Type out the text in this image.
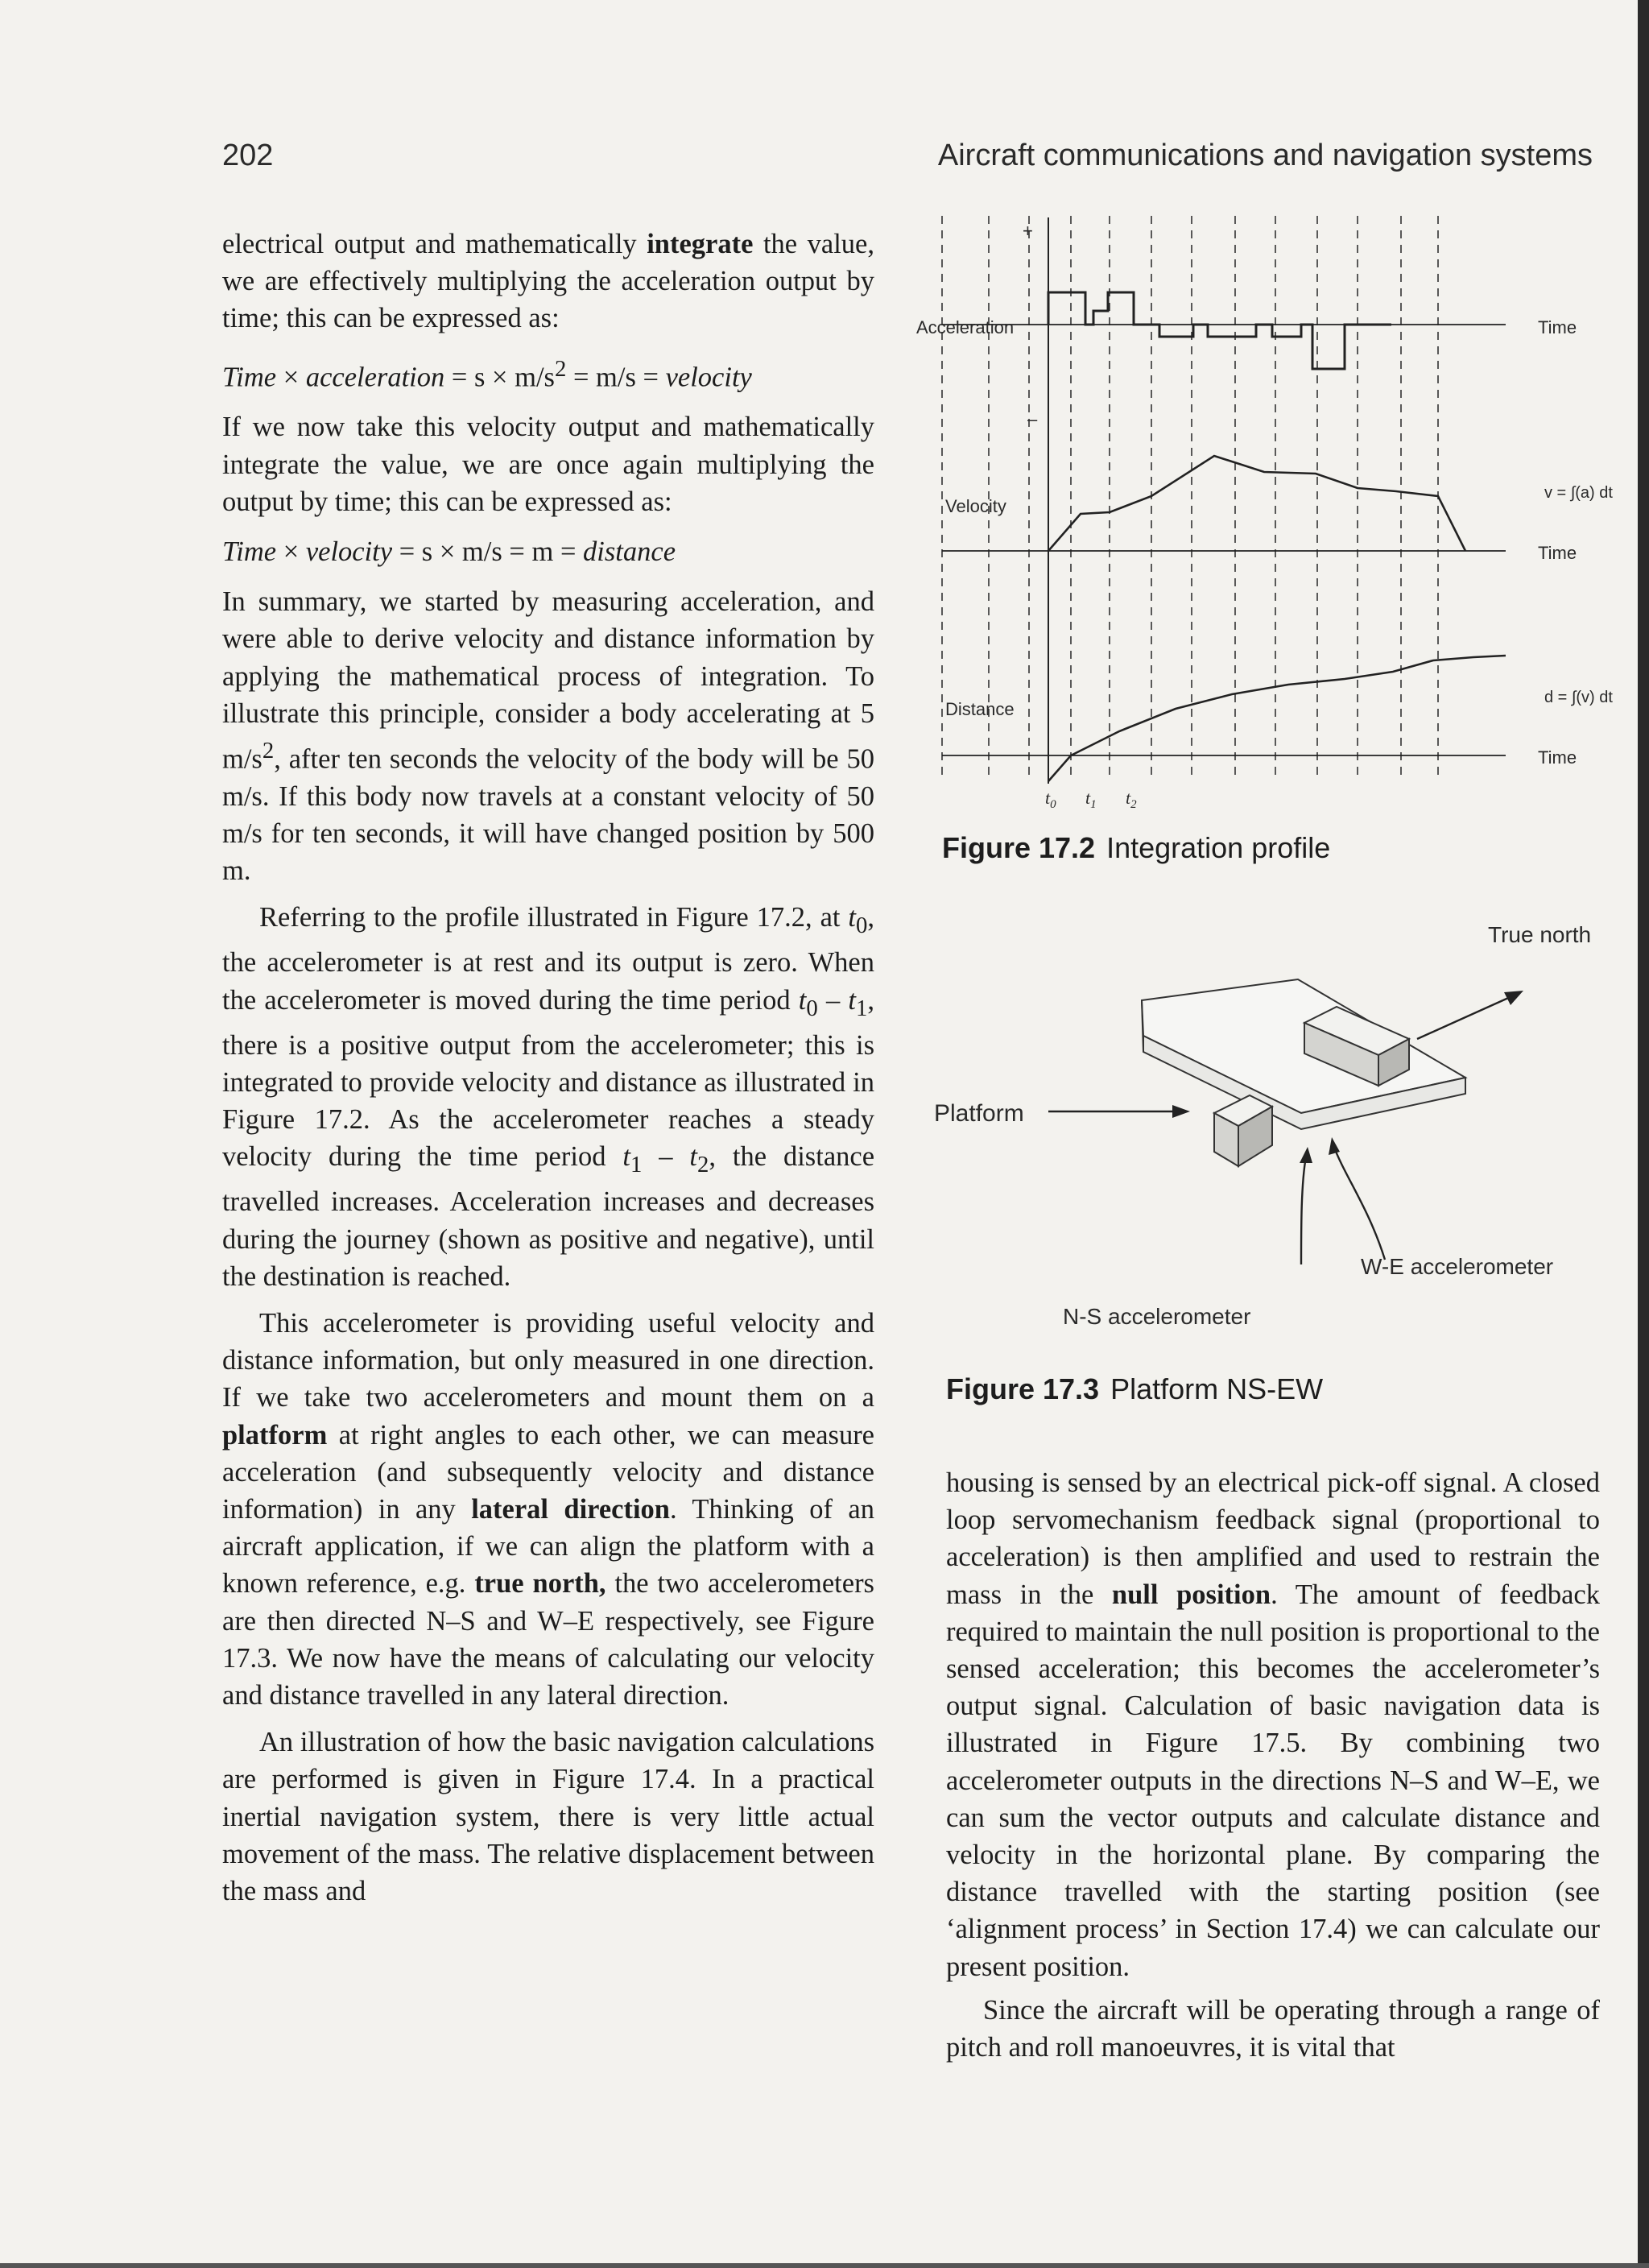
202	Aircraft communications and navigation systems

electrical output and mathematically integrate the value, we are effectively multiplying the acceleration output by time; this can be expressed as:

Time × acceleration = $s \times m/s^2 = m/s$ = velocity

If we now take this velocity output and mathematically integrate the value, we are once again multiplying the output by time; this can be expressed as:

Time × velocity = s × m/s = m = distance

In summary, we started by measuring acceleration, and were able to derive velocity and distance information by applying the mathematical process of integration. To illustrate this principle, consider a body accelerating at 5 $m/s^2$, after ten seconds the velocity of the body will be 50 m/s. If this body now travels at a constant velocity of 50 m/s for ten seconds, it will have changed position by 500 m.

Referring to the profile illustrated in Figure 17.2, at $t_0$, the accelerometer is at rest and its output is zero. When the accelerometer is moved during the time period $t_0 - t_1$, there is a positive output from the accelerometer; this is integrated to provide velocity and distance as illustrated in Figure 17.2. As the accelerometer reaches a steady velocity during the time period $t_1 - t_2$, the distance travelled increases. Acceleration increases and decreases during the journey (shown as positive and negative), until the destination is reached.

This accelerometer is providing useful velocity and distance information, but only measured in one direction. If we take two accelerometers and mount them on a platform at right angles to each other, we can measure acceleration (and subsequently velocity and distance information) in any lateral direction. Thinking of an aircraft application, if we can align the platform with a known reference, e.g. true north, the two accelerometers are then directed N–S and W–E respectively, see Figure 17.3. We now have the means of calculating our velocity and distance travelled in any lateral direction.

An illustration of how the basic navigation calculations are performed is given in Figure 17.4. In a practical inertial navigation system, there is very little actual movement of the mass. The relative displacement between the mass and

+
–
Acceleration
Velocity
Time
v = ∫(a) dt
Distance
Time
d = ∫(v) dt
Time
$t_0$ $t_1$ $t_2$
Figure 17.2 Integration profile
True north
Platform
W-E accelerometer
N-S accelerometer
Figure 17.3 Platform NS-EW

housing is sensed by an electrical pick-off signal. A closed loop servomechanism feedback signal (proportional to acceleration) is then amplified and used to restrain the mass in the null position. The amount of feedback required to maintain the null position is proportional to the sensed acceleration; this becomes the accelerometer’s output signal. Calculation of basic navigation data is illustrated in Figure 17.5. By combining two accelerometer outputs in the directions N–S and W–E, we can sum the vector outputs and calculate distance and velocity in the horizontal plane. By comparing the distance travelled with the starting position (see ‘alignment process’ in Section 17.4) we can calculate our present position.

Since the aircraft will be operating through a range of pitch and roll manoeuvres, it is vital that
